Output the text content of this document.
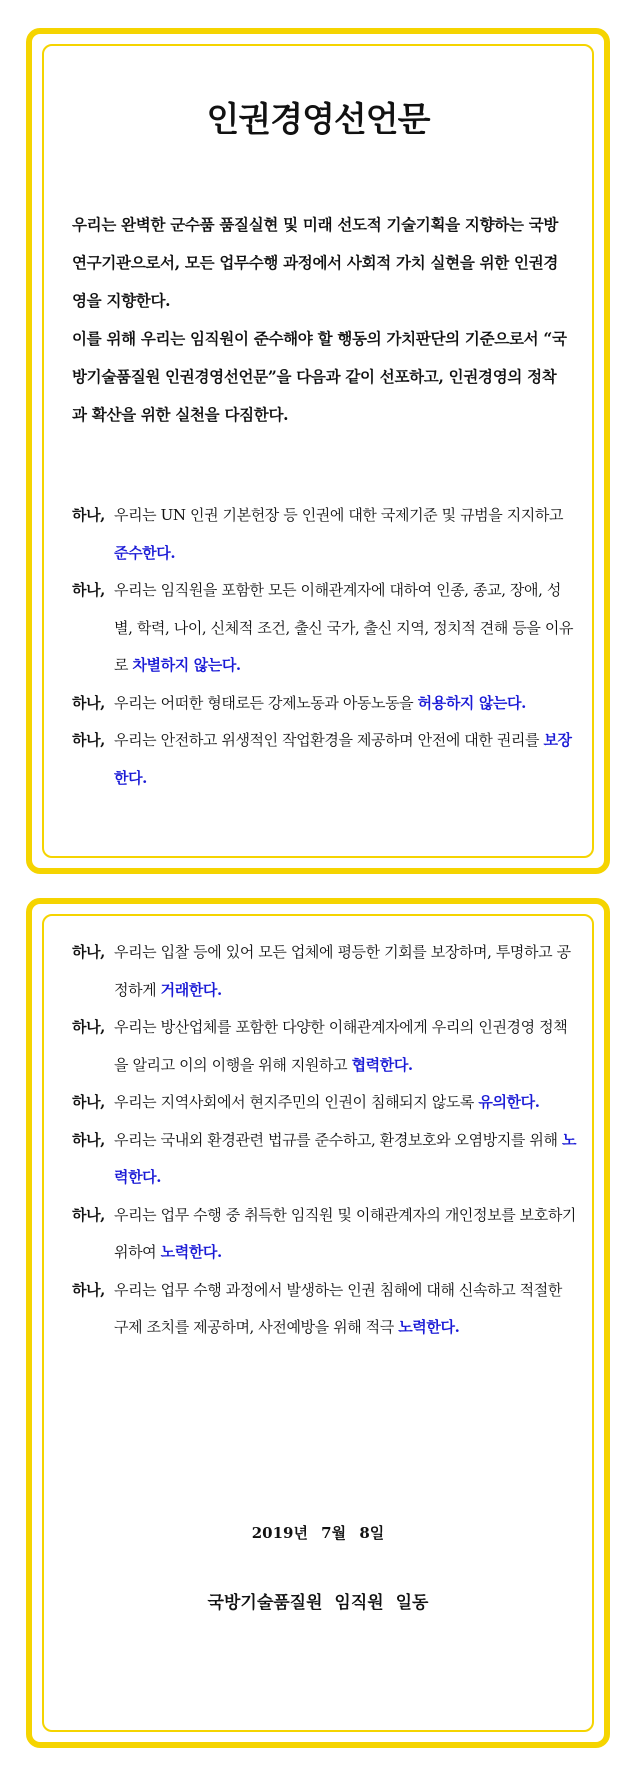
인권경영선언문

우리는 완벽한 군수품 품질실현 및 미래 선도적 기술기획을 지향하는 국방 연구기관으로서, 모든 업무수행 과정에서 사회적 가치 실현을 위한 인권경영을 지향한다.

이를 위해 우리는 임직원이 준수해야 할 행동의 가치판단의 기준으로서 “국방기술품질원 인권경영선언문”을 다음과 같이 선포하고, 인권경영의 정착과 확산을 위한 실천을 다짐한다.

하나, 우리는 UN 인권 기본헌장 등 인권에 대한 국제기준 및 규범을 지지하고 준수한다.
하나, 우리는 임직원을 포함한 모든 이해관계자에 대하여 인종, 종교, 장애, 성별, 학력, 나이, 신체적 조건, 출신 국가, 출신 지역, 정치적 견해 등을 이유로 차별하지 않는다.
하나, 우리는 어떠한 형태로든 강제노동과 아동노동을 허용하지 않는다.
하나, 우리는 안전하고 위생적인 작업환경을 제공하며 안전에 대한 권리를 보장한다.
하나, 우리는 입찰 등에 있어 모든 업체에 평등한 기회를 보장하며, 투명하고 공정하게 거래한다.
하나, 우리는 방산업체를 포함한 다양한 이해관계자에게 우리의 인권경영 정책을 알리고 이의 이행을 위해 지원하고 협력한다.
하나, 우리는 지역사회에서 현지주민의 인권이 침해되지 않도록 유의한다.
하나, 우리는 국내외 환경관련 법규를 준수하고, 환경보호와 오염방지를 위해 노력한다.
하나, 우리는 업무 수행 중 취득한 임직원 및 이해관계자의 개인정보를 보호하기 위하여 노력한다.
하나, 우리는 업무 수행 과정에서 발생하는 인권 침해에 대해 신속하고 적절한 구제 조치를 제공하며, 사전예방을 위해 적극 노력한다.

2019년 7월 8일

국방기술품질원 임직원 일동
